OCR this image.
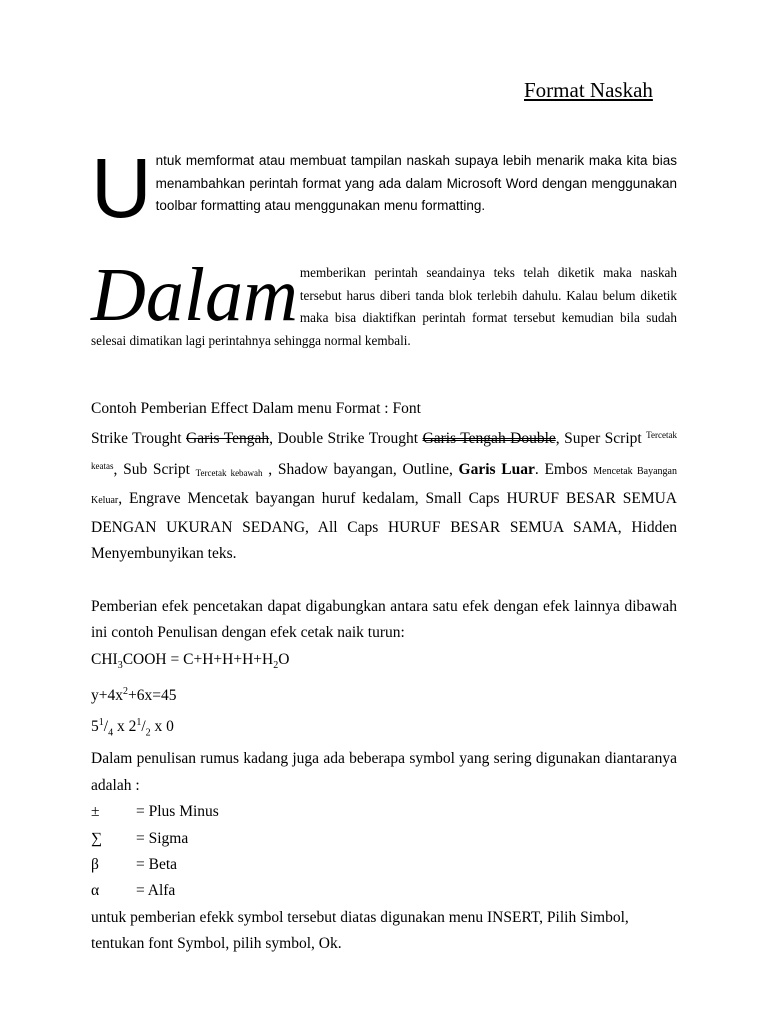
Format Naskah
U ntuk memformat atau membuat tampilan naskah supaya lebih menarik maka kita bias menambahkan perintah format yang ada dalam Microsoft Word dengan menggunakan toolbar formatting atau menggunakan menu formatting.
Dalam memberikan perintah seandainya teks telah diketik maka naskah tersebut harus diberi tanda blok terlebih dahulu. Kalau belum diketik maka bisa diaktifkan perintah format tersebut kemudian bila sudah selesai dimatikan lagi perintahnya sehingga normal kembali.
Contoh Pemberian Effect Dalam menu Format : Font
Strike Trought Garis Tengah, Double Strike Trought Garis Tengah Double, Super Script $^{Tercetak keatas}$, Sub Script Tercetak kebawah , Shadow bayangan, Outline, Garis Luar. Embos Mencetak Bayangan Keluar, Engrave Mencetak bayangan huruf kedalam, Small Caps HURUF BESAR SEMUA DENGAN UKURAN SEDANG, All Caps HURUF BESAR SEMUA SAMA, Hidden Menyembunyikan teks.
Pemberian efek pencetakan dapat digabungkan antara satu efek dengan efek lainnya dibawah ini contoh Penulisan dengan efek cetak naik turun:
$CHI_3COOH = C+H+H+H+H_2O$
$y+4x^2+6x=45$
$5^1/_4$ x $2^1/_2$ x 0
Dalam penulisan rumus kadang juga ada beberapa symbol yang sering digunakan diantaranya adalah :
±	= Plus Minus
∑	= Sigma
β	= Beta
α	= Alfa
untuk pemberian efekk symbol tersebut diatas digunakan menu INSERT, Pilih Simbol, tentukan font Symbol, pilih symbol, Ok.
